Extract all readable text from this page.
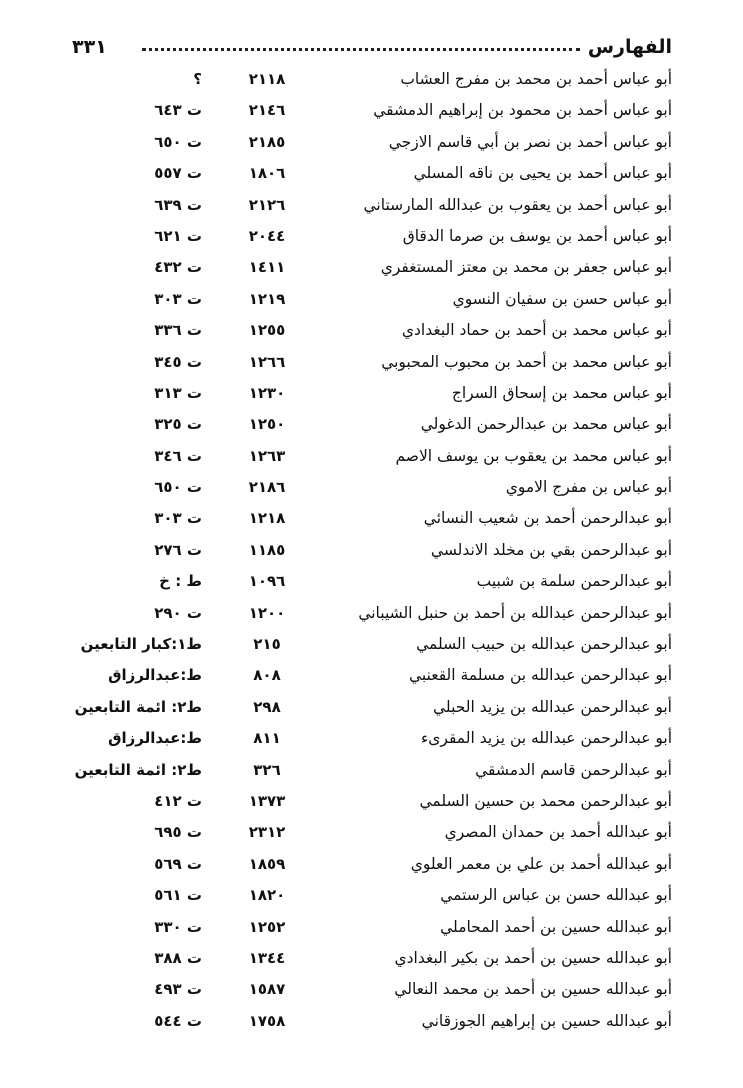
الفهارس
٣٣١
أبو عباس أحمد بن محمد بن مفرج العشاب
٢١١٨
؟
أبو عباس أحمد بن محمود بن إبراهيم الدمشقي
٢١٤٦
ت ٦٤٣
أبو عباس أحمد بن نصر بن أبي قاسم الازجي
٢١٨٥
ت ٦٥٠
أبو عباس أحمد بن يحيى بن ناقه المسلي
١٨٠٦
ت ٥٥٧
أبو عباس أحمد بن يعقوب بن عبدالله المارستاني
٢١٢٦
ت ٦٣٩
أبو عباس أحمد بن يوسف بن صرما الدقاق
٢٠٤٤
ت ٦٢١
أبو عباس جعفر بن محمد بن معتز المستغفري
١٤١١
ت ٤٣٢
أبو عباس حسن بن سفيان النسوي
١٢١٩
ت ٣٠٣
أبو عباس محمد بن أحمد بن حماد البغدادي
١٢٥٥
ت ٣٣٦
أبو عباس محمد بن أحمد بن محبوب المحبوبي
١٢٦٦
ت ٣٤٥
أبو عباس محمد بن إسحاق السراج
١٢٣٠
ت ٣١٣
أبو عباس محمد بن عبدالرحمن الدغولي
١٢٥٠
ت ٣٢٥
أبو عباس محمد بن يعقوب بن يوسف الاصم
١٢٦٣
ت ٣٤٦
أبو عباس بن مفرج الاموي
٢١٨٦
ت ٦٥٠
أبو عبدالرحمن أحمد بن شعيب النسائي
١٢١٨
ت ٣٠٣
أبو عبدالرحمن بقي بن مخلد الاندلسي
١١٨٥
ت ٢٧٦
أبو عبدالرحمن سلمة بن شبيب
١٠٩٦
ط : خ
أبو عبدالرحمن عبدالله بن أحمد بن حنبل الشيباني
١٢٠٠
ت ٢٩٠
أبو عبدالرحمن عبدالله بن حبيب السلمي
٢١٥
ط١:كبار التابعين
أبو عبدالرحمن عبدالله بن مسلمة القعنبي
٨٠٨
ط:عبدالرزاق
أبو عبدالرحمن عبدالله بن يزيد الحبلي
٢٩٨
ط٢: ائمة التابعين
أبو عبدالرحمن عبدالله بن يزيد المقرىء
٨١١
ط:عبدالرزاق
أبو عبدالرحمن قاسم الدمشقي
٣٢٦
ط٢: ائمة التابعين
أبو عبدالرحمن محمد بن حسين السلمي
١٣٧٣
ت ٤١٢
أبو عبدالله أحمد بن حمدان المصري
٢٣١٢
ت ٦٩٥
أبو عبدالله أحمد بن علي بن معمر العلوي
١٨٥٩
ت ٥٦٩
أبو عبدالله حسن بن عباس الرستمي
١٨٢٠
ت ٥٦١
أبو عبدالله حسين بن أحمد المحاملي
١٢٥٢
ت ٣٣٠
أبو عبدالله حسين بن أحمد بن بكير البغدادي
١٣٤٤
ت ٣٨٨
أبو عبدالله حسين بن أحمد بن محمد النعالي
١٥٨٧
ت ٤٩٣
أبو عبدالله حسين بن إبراهيم الجوزقاني
١٧٥٨
ت ٥٤٤
